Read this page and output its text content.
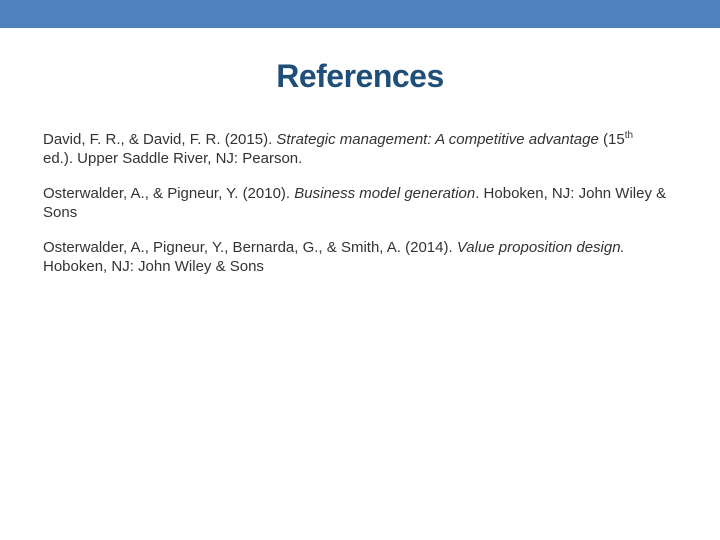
References

David, F. R., & David, F. R. (2015). Strategic management: A competitive advantage (15th
ed.). Upper Saddle River, NJ: Pearson.

Osterwalder, A., & Pigneur, Y. (2010). Business model generation. Hoboken, NJ: John Wiley & Sons

Osterwalder, A., Pigneur, Y., Bernarda, G., & Smith, A. (2014). Value proposition design. Hoboken, NJ: John Wiley & Sons
